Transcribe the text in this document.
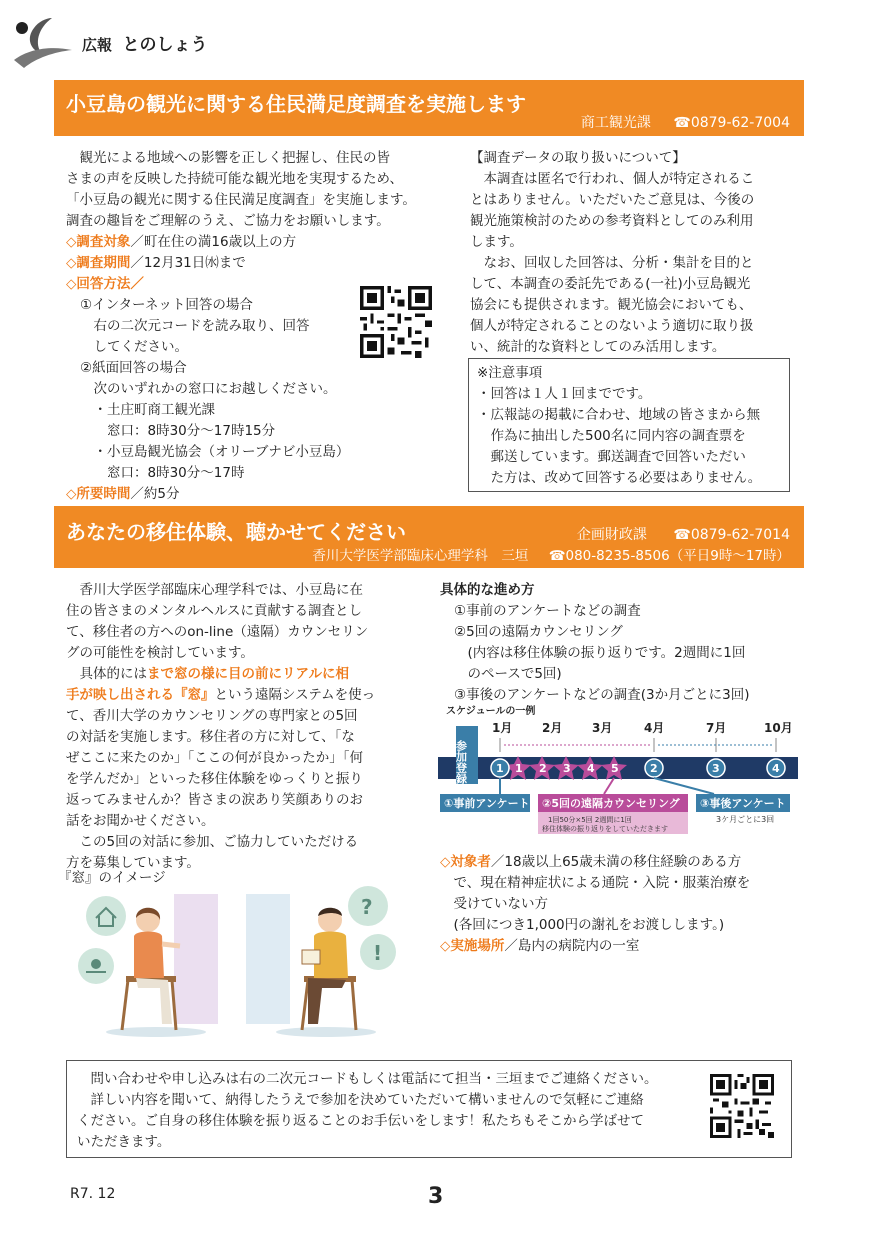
広報 とのしょう
小豆島の観光に関する住民満足度調査を実施します
商工観光課 ☎0879-62-7004

　観光による地域への影響を正しく把握し、住民の皆

さまの声を反映した持続可能な観光地を実現するため、

「小豆島の観光に関する住民満足度調査」を実施します。

調査の趣旨をご理解のうえ、ご協力をお願いします。

◇調査対象／町在住の満16歳以上の方

◇調査期間／12月31日㈬まで

◇回答方法／

①インターネット回答の場合

　右の二次元コードを読み取り、回答

　してください。

②紙面回答の場合

　次のいずれかの窓口にお越しください。

　・土庄町商工観光課

　　窓口：8時30分～17時15分

　・小豆島観光協会（オリーブナビ小豆島）

　　窓口：8時30分～17時

◇所要時間／約5分

【調査データの取り扱いについて】

　本調査は匿名で行われ、個人が特定されるこ

とはありません。いただいたご意見は、今後の

観光施策検討のための参考資料としてのみ利用

します。

　なお、回収した回答は、分析・集計を目的と

して、本調査の委託先である(一社)小豆島観光

協会にも提供されます。観光協会においても、

個人が特定されることのないよう適切に取り扱

い、統計的な資料としてのみ活用します。

※注意事項

・回答は１人１回までです。

・広報誌の掲載に合わせ、地域の皆さまから無

　作為に抽出した500名に同内容の調査票を

　郵送しています。郵送調査で回答いただい

　た方は、改めて回答する必要はありません。

あなたの移住体験、聴かせてください	企画財政課 ☎0879-62-7014
香川大学医学部臨床心理学科　三垣 ☎080-8235-8506（平日9時～17時）

　香川大学医学部臨床心理学科では、小豆島に在

住の皆さまのメンタルヘルスに貢献する調査とし

て、移住者の方へのon-line（遠隔）カウンセリン

グの可能性を検討しています。

　具体的にはまで窓の様に目の前にリアルに相

手が映し出される『窓』という遠隔システムを使っ

て、香川大学のカウンセリングの専門家との5回

の対話を実施します。移住者の方に対して、「な

ぜここに来たのか」「ここの何が良かったか」「何

を学んだか」といった移住体験をゆっくりと振り

返ってみませんか？皆さまの涙あり笑顔ありのお

話をお聞かせください。

　この5回の対話に参加、ご協力していただける

方を募集しています。

『窓』のイメージ
?
!

具体的な進め方

①事前のアンケートなどの調査

②5回の遠隔カウンセリング

　(内容は移住体験の振り返りです。2週間に1回

　のペースで5回)

③事後のアンケートなどの調査(3か月ごとに3回)

スケジュールの一例
1月 2月 3月	4月	7月	10月
参加登録	1 2 3 4 5
1	2	3	4
①事前アンケート ②5回の遠隔カウンセリング
1回50分×5回 2週間に1回
移住体験の振り返りをしていただきます
③事後アンケート
3ケ月ごとに3回

◇対象者／18歳以上65歳未満の移住経験のある方

　で、現在精神症状による通院・入院・服薬治療を

　受けていない方

　(各回につき1,000円の謝礼をお渡しします。)

◇実施場所／島内の病院内の一室

　問い合わせや申し込みは右の二次元コードもしくは電話にて担当・三垣までご連絡ください。

　詳しい内容を聞いて、納得したうえで参加を決めていただいて構いませんので気軽にご連絡

ください。ご自身の移住体験を振り返ることのお手伝いをします！私たちもそこから学ばせて

いただきます。

R7. 12	3
